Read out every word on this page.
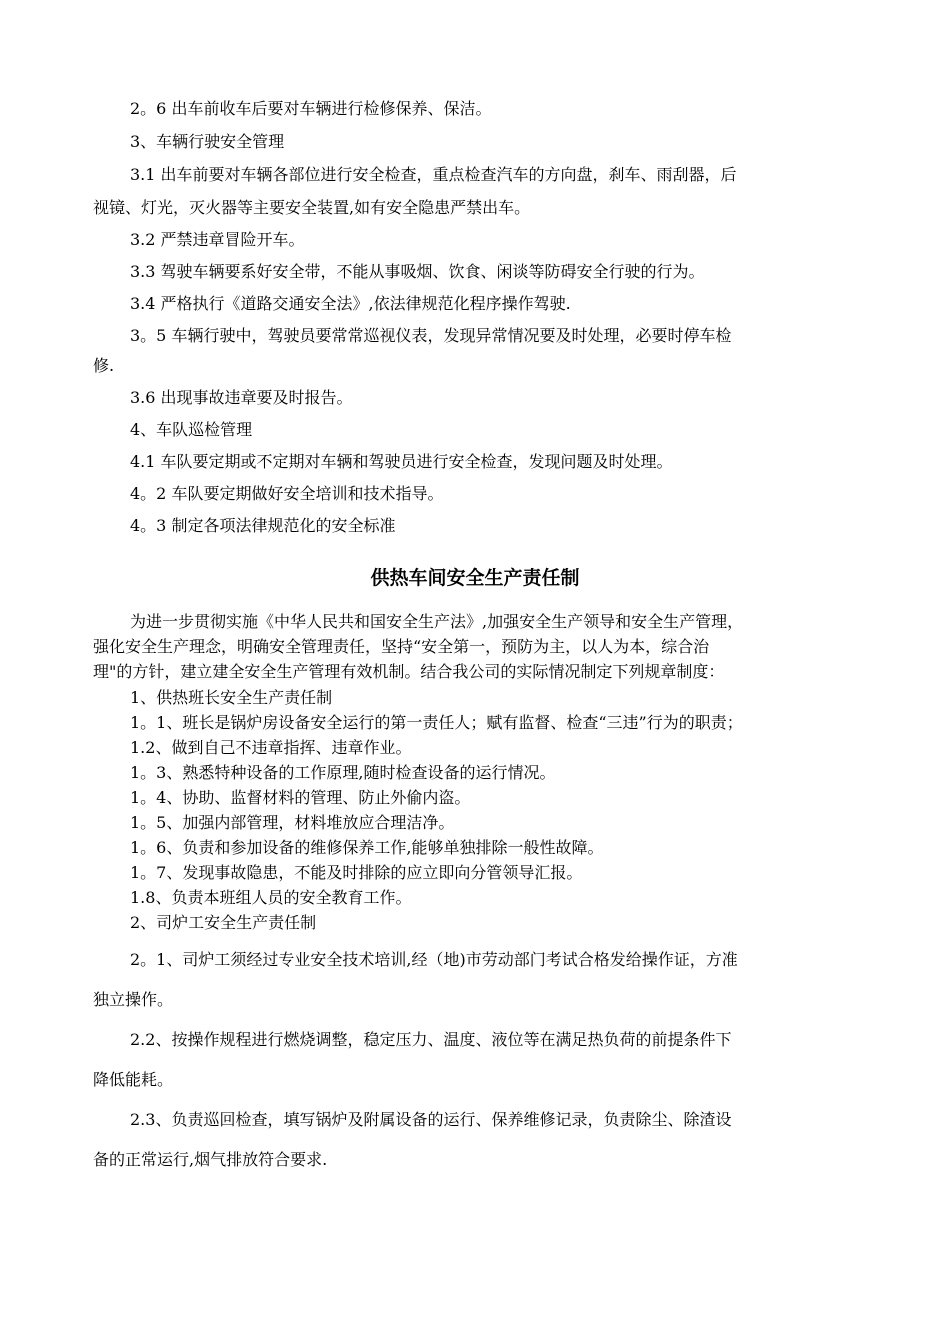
2。6 出车前收车后要对车辆进行检修保养、保洁。
3、车辆行驶安全管理
3.1 出车前要对车辆各部位进行安全检查，重点检查汽车的方向盘，刹车、雨刮器，后
视镜、灯光，灭火器等主要安全装置,如有安全隐患严禁出车。
3.2 严禁违章冒险开车。
3.3 驾驶车辆要系好安全带，不能从事吸烟、饮食、闲谈等防碍安全行驶的行为。
3.4 严格执行《道路交通安全法》,依法律规范化程序操作驾驶.
3。5 车辆行驶中，驾驶员要常常巡视仪表，发现异常情况要及时处理，必要时停车检
修.
3.6 出现事故违章要及时报告。
4、车队巡检管理
4.1 车队要定期或不定期对车辆和驾驶员进行安全检查，发现问题及时处理。
4。2 车队要定期做好安全培训和技术指导。
4。3 制定各项法律规范化的安全标准
供热车间安全生产责任制
为进一步贯彻实施《中华人民共和国安全生产法》,加强安全生产领导和安全生产管理，
强化安全生产理念，明确安全管理责任，坚持“安全第一，预防为主，以人为本，综合治
理"的方针，建立建全安全生产管理有效机制。结合我公司的实际情况制定下列规章制度：
1、供热班长安全生产责任制
1。1、班长是锅炉房设备安全运行的第一责任人；赋有监督、检查“三违”行为的职责；
1.2、做到自己不违章指挥、违章作业。
1。3、熟悉特种设备的工作原理,随时检查设备的运行情况。
1。4、协助、监督材料的管理、防止外偷内盗。
1。5、加强内部管理，材料堆放应合理洁净。
1。6、负责和参加设备的维修保养工作,能够单独排除一般性故障。
1。7、发现事故隐患，不能及时排除的应立即向分管领导汇报。
1.8、负责本班组人员的安全教育工作。
2、司炉工安全生产责任制
2。1、司炉工须经过专业安全技术培训,经（地)市劳动部门考试合格发给操作证，方准
独立操作。
2.2、按操作规程进行燃烧调整，稳定压力、温度、液位等在满足热负荷的前提条件下
降低能耗。
2.3、负责巡回检查，填写锅炉及附属设备的运行、保养维修记录，负责除尘、除渣设
备的正常运行,烟气排放符合要求.
